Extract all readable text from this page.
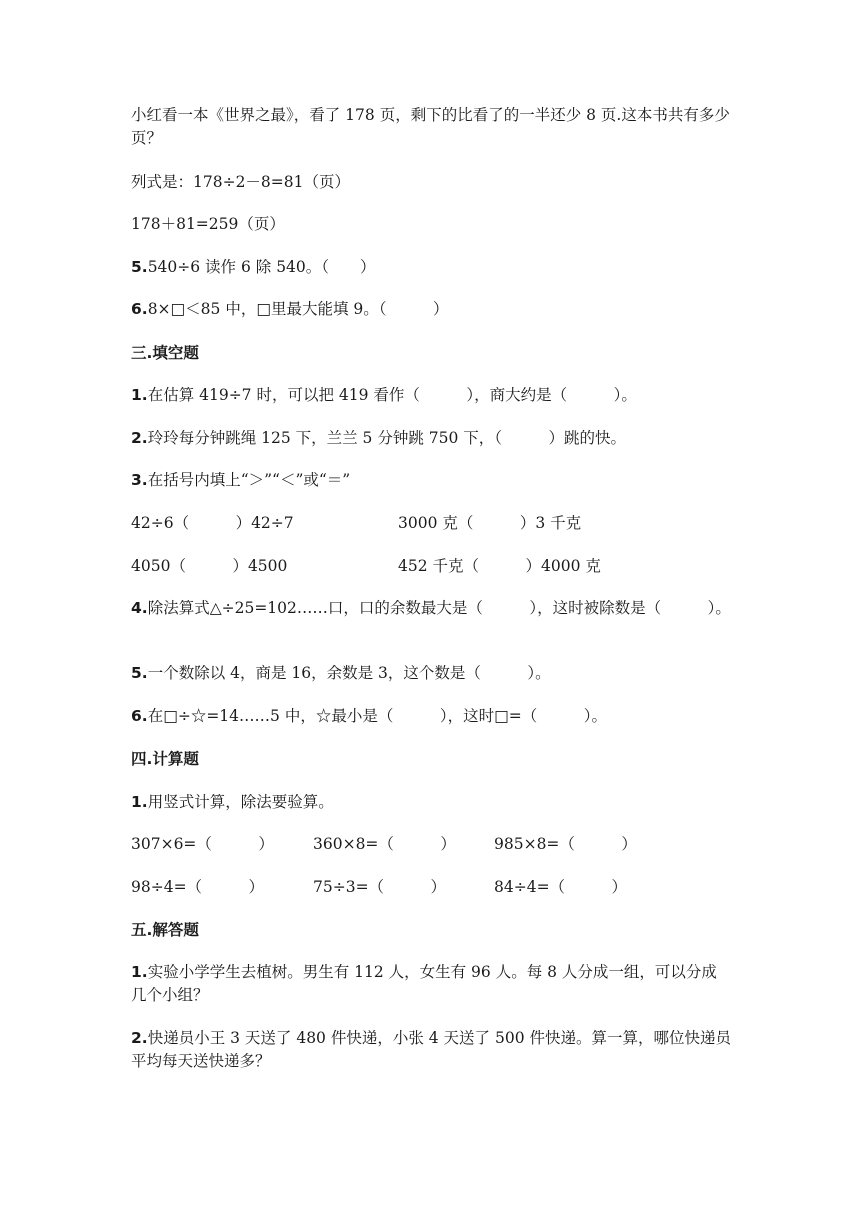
小红看一本《世界之最》，看了 178 页，剩下的比看了的一半还少 8 页.这本书共有多少页？
列式是：178÷2－8=81（页）
178＋81=259（页）
5.540÷6 读作 6 除 540。（　　）
6.8×□＜85 中，□里最大能填 9。（　　　）
三.填空题
1.在估算 419÷7 时，可以把 419 看作（　　　），商大约是（　　　）。
2.玲玲每分钟跳绳 125 下，兰兰 5 分钟跳 750 下，（　　　）跳的快。
3.在括号内填上“＞”“＜”或“＝”
42÷6（　　　）42÷7	3000 克（　　　）3 千克
4050（　　　）4500	452 千克（　　　）4000 克
4.除法算式△÷25=102……口，口的余数最大是（　　　），这时被除数是（　　　）。
5.一个数除以 4，商是 16，余数是 3，这个数是（　　　）。
6.在□÷☆=14……5 中，☆最小是（　　　），这时□=（　　　）。
四.计算题
1.用竖式计算，除法要验算。
307×6=（　　　）	360×8=（　　　） 985×8=（　　　）
98÷4=（　　　）	75÷3=（　　　）	84÷4=（　　　）
五.解答题
1.实验小学学生去植树。男生有 112 人，女生有 96 人。每 8 人分成一组，可以分成几个小组？
2.快递员小王 3 天送了 480 件快递，小张 4 天送了 500 件快递。算一算，哪位快递员平均每天送快递多？
